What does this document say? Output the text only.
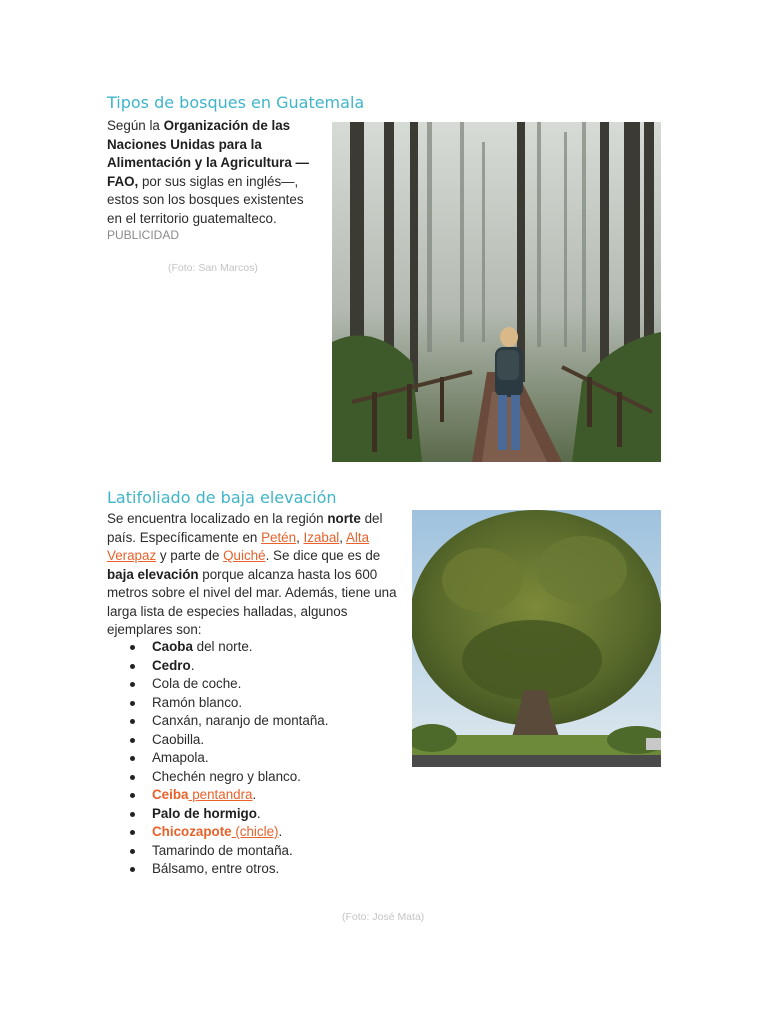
Tipos de bosques en Guatemala

Según la Organización de las Naciones Unidas para la Alimentación y la Agricultura — FAO, por sus siglas en inglés—, estos son los bosques existentes en el territorio guatemalteco.

PUBLICIDAD
(Foto: San Marcos)
Latifoliado de baja elevación

Se encuentra localizado en la región norte del país. Específicamente en Petén, Izabal, Alta Verapaz y parte de Quiché. Se dice que es de baja elevación porque alcanza hasta los 600 metros sobre el nivel del mar. Además, tiene una larga lista de especies halladas, algunos ejemplares son:

Caoba del norte.
Cedro.
Cola de coche.
Ramón blanco.
Canxán, naranjo de montaña.
Caobilla.
Amapola.
Chechén negro y blanco.
Ceiba pentandra.
Palo de hormigo.
Chicozapote (chicle).
Tamarindo de montaña.
Bálsamo, entre otros.
(Foto: José Mata)
